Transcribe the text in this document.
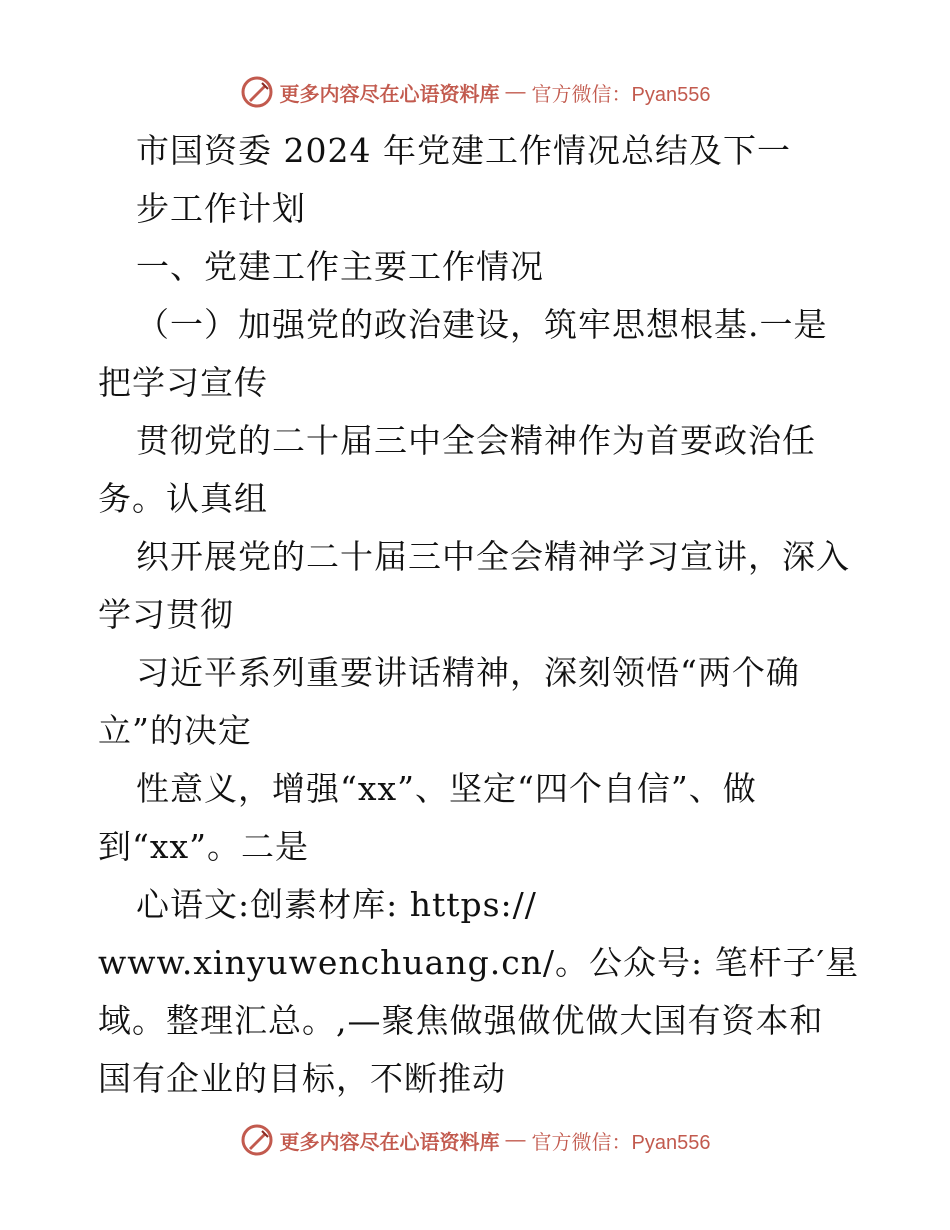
更多内容尽在心语资料库 — 官方微信：Pyan556
市国资委 2024 年党建工作情况总结及下一
步工作计划
一、党建工作主要工作情况
（一）加强党的政治建设，筑牢思想根基.一是
把学习宣传
贯彻党的二十届三中全会精神作为首要政治任
务。认真组
织开展党的二十届三中全会精神学习宣讲，深入
学习贯彻
习近平系列重要讲话精神，深刻领悟“两个确
立”的决定
性意义，增强“xx”、坚定“四个自信”、做
到“xx”。二是
心语文:创素材库: https://
www.xinyuwenchuang.cn/。公众号: 笔杆子′星
域。整理汇总。,—聚焦做强做优做大国有资本和
国有企业的目标，不断推动
更多内容尽在心语资料库 — 官方微信：Pyan556
